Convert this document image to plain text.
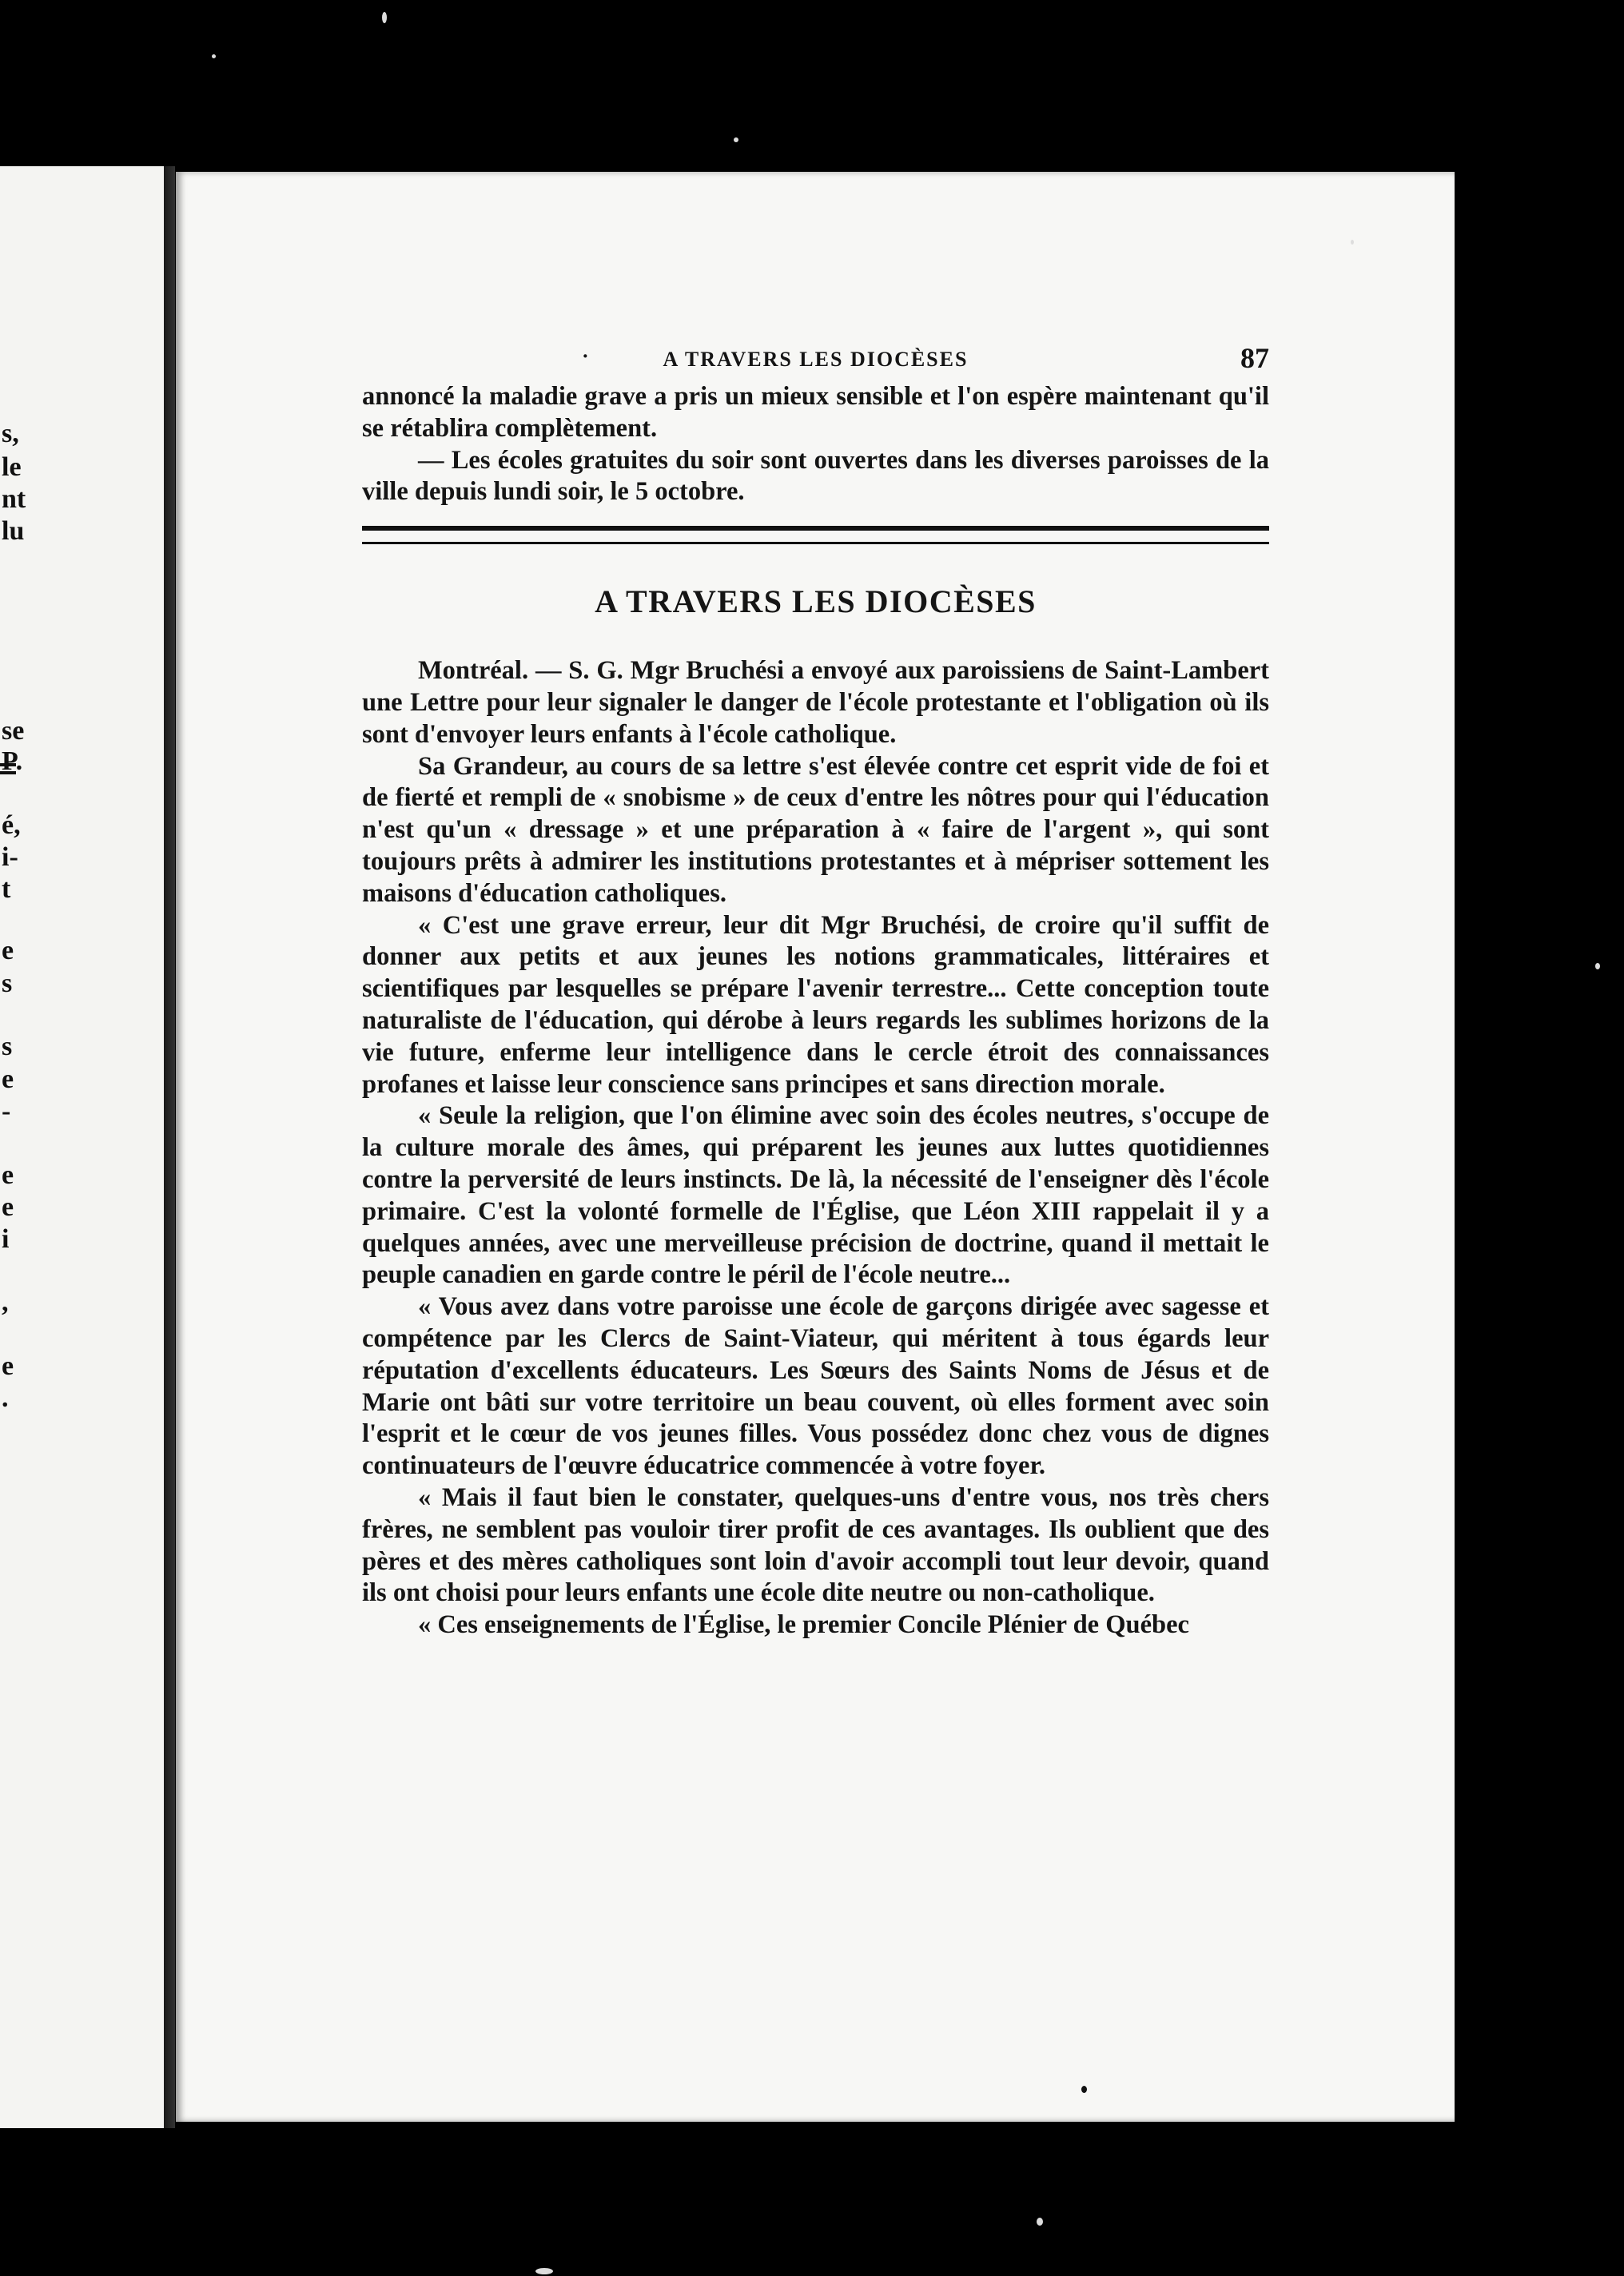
s,
le
nt
lu
se
P.
é,
i-
t
e
s
s
e
-
e
e
i
,
e
.
· A TRAVERS LES DIOCÈSES	87

annoncé la maladie grave a pris un mieux sensible et l'on espère maintenant qu'il se rétablira complètement.

— Les écoles gratuites du soir sont ouvertes dans les diverses paroisses de la ville depuis lundi soir, le 5 octobre.

A TRAVERS LES DIOCÈSES

Montréal. — S. G. Mgr Bruchési a envoyé aux paroissiens de Saint-Lambert une Lettre pour leur signaler le danger de l'école protestante et l'obligation où ils sont d'envoyer leurs enfants à l'école catholique.

Sa Grandeur, au cours de sa lettre s'est élevée contre cet esprit vide de foi et de fierté et rempli de « snobisme » de ceux d'entre les nôtres pour qui l'éducation n'est qu'un « dressage » et une préparation à « faire de l'argent », qui sont toujours prêts à admirer les institutions protestantes et à mépriser sottement les maisons d'éducation catholiques.

« C'est une grave erreur, leur dit Mgr Bruchési, de croire qu'il suffit de donner aux petits et aux jeunes les notions grammaticales, littéraires et scientifiques par lesquelles se prépare l'avenir terrestre... Cette conception toute naturaliste de l'éducation, qui dérobe à leurs regards les sublimes horizons de la vie future, enferme leur intelligence dans le cercle étroit des connaissances profanes et laisse leur conscience sans principes et sans direction morale.

« Seule la religion, que l'on élimine avec soin des écoles neutres, s'occupe de la culture morale des âmes, qui préparent les jeunes aux luttes quotidiennes contre la perversité de leurs instincts. De là, la nécessité de l'enseigner dès l'école primaire. C'est la volonté formelle de l'Église, que Léon XIII rappelait il y a quelques années, avec une merveilleuse précision de doctrine, quand il mettait le peuple canadien en garde contre le péril de l'école neutre...

« Vous avez dans votre paroisse une école de garçons dirigée avec sagesse et compétence par les Clercs de Saint-Viateur, qui méritent à tous égards leur réputation d'excellents éducateurs. Les Sœurs des Saints Noms de Jésus et de Marie ont bâti sur votre territoire un beau couvent, où elles forment avec soin l'esprit et le cœur de vos jeunes filles. Vous possédez donc chez vous de dignes continuateurs de l'œuvre éducatrice commencée à votre foyer.

« Mais il faut bien le constater, quelques-uns d'entre vous, nos très chers frères, ne semblent pas vouloir tirer profit de ces avantages. Ils oublient que des pères et des mères catholiques sont loin d'avoir accompli tout leur devoir, quand ils ont choisi pour leurs enfants une école dite neutre ou non-catholique.

« Ces enseignements de l'Église, le premier Concile Plénier de Québec
